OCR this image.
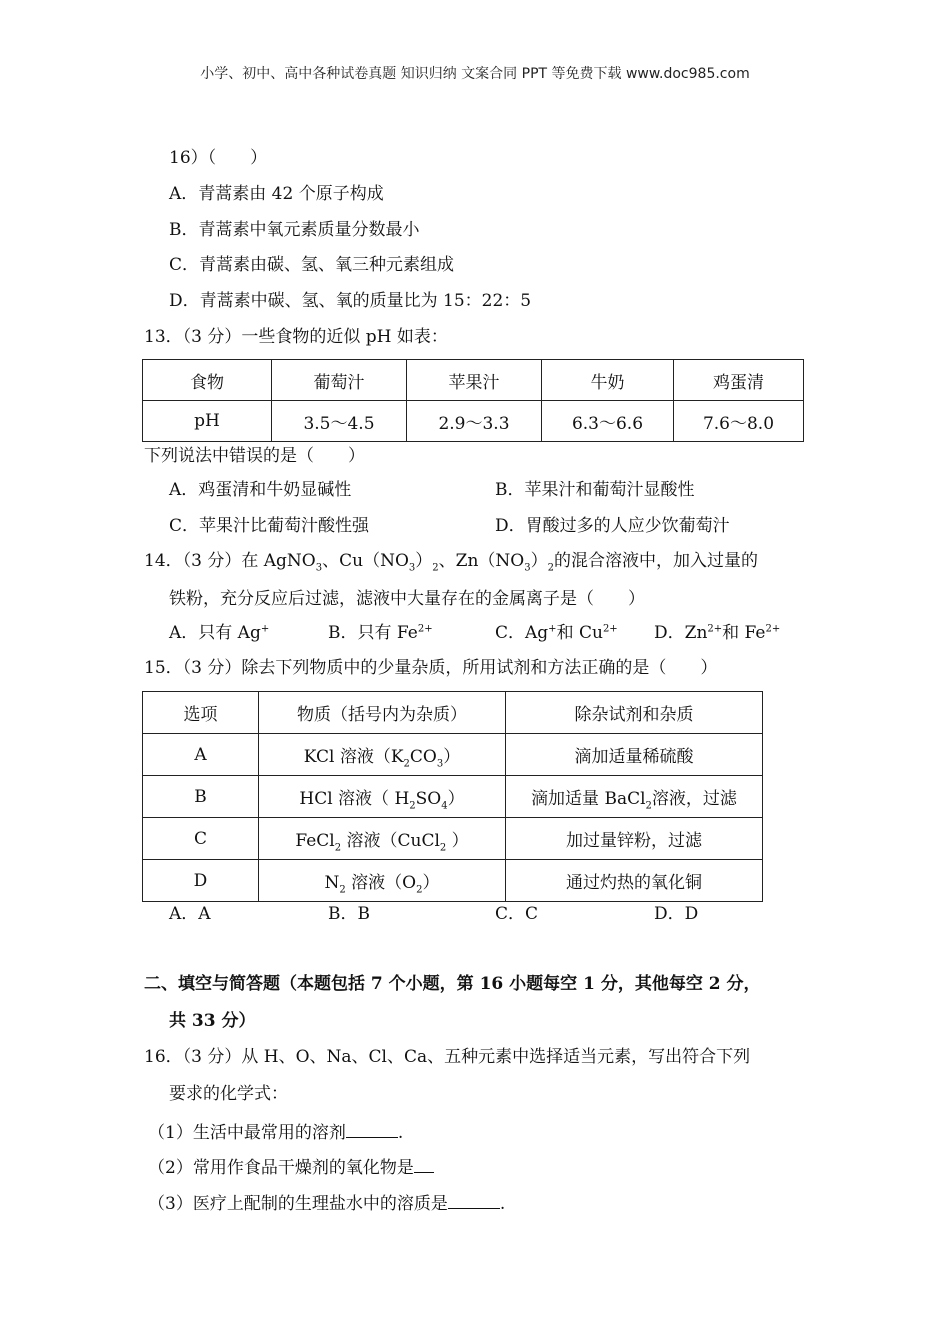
小学、初中、高中各种试卷真题 知识归纳 文案合同 PPT 等免费下载 www.doc985.com
16）（　　）
A．青蒿素由 42 个原子构成
B．青蒿素中氧元素质量分数最小
C．青蒿素由碳、氢、氧三种元素组成
D．青蒿素中碳、氢、氧的质量比为 15：22：5
13．（3 分）一些食物的近似 pH 如表：
食物	葡萄汁	苹果汁	牛奶	鸡蛋清
pH	3.5～4.5	2.9～3.3	6.3～6.6	7.6～8.0
下列说法中错误的是（　　）
A．鸡蛋清和牛奶显碱性	B．苹果汁和葡萄汁显酸性
C．苹果汁比葡萄汁酸性强	D．胃酸过多的人应少饮葡萄汁
14．（3 分）在 AgNO$_3$、$Cu(NO_3)_2$、$Zn(NO_3)_2$的混合溶液中，加入过量的
铁粉，充分反应后过滤，滤液中大量存在的金属离子是（　　）
A．只有 Ag+	B．只有 $Fe^{2+}$	C．Ag+和 $Cu^{2+}$ D．$Zn^{2+}$和 $Fe^{2+}$
15．（3 分）除去下列物质中的少量杂质，所用试剂和方法正确的是（　　）
选项	物质（括号内为杂质）	除杂试剂和杂质
A	KCl 溶液$(K_2CO_3)$	滴加适量稀硫酸
B	HCl 溶液（ $H_2SO_4$）	滴加适量 BaCl$_2$溶液，过滤
C	FeCl$_2$ 溶液（CuCl$_2$ ）	加过量锌粉，过滤
D	$N_2$ 溶液$(O_2)$	通过灼热的氧化铜
A．A	B．B	C．C	D．D
二、填空与简答题（本题包括 7 个小题，第 16 小题每空 1 分，其他每空 2 分，
共 33 分）
16．（3 分）从 H、O、Na、Cl、Ca、五种元素中选择适当元素，写出符合下列
要求的化学式：
（1）生活中最常用的溶剂	.
（2）常用作食品干燥剂的氧化物是
（3）医疗上配制的生理盐水中的溶质是	.
